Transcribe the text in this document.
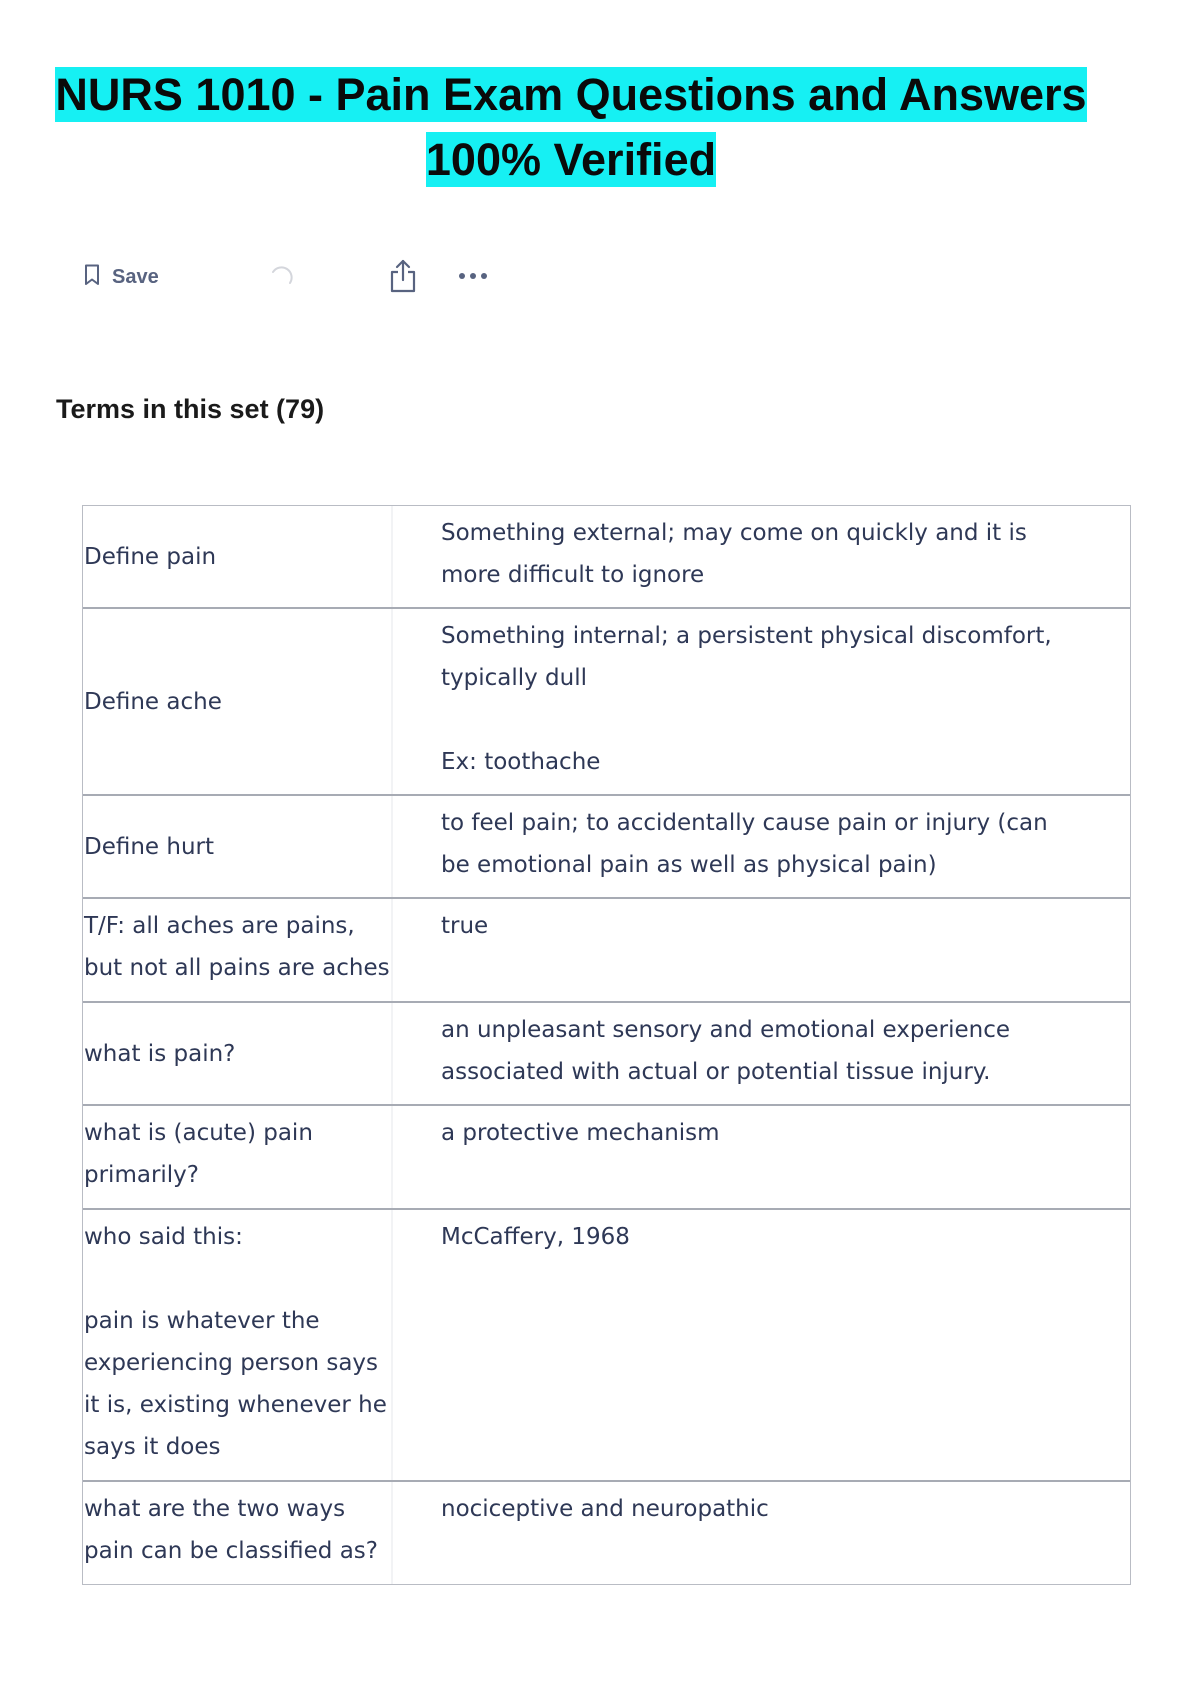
NURS 1010 - Pain Exam Questions and Answers
100% Verified
Save
Terms in this set (79)
Define pain
Something external; may come on quickly and it is
more difficult to ignore
Define ache
Something internal; a persistent physical discomfort,
typically dull

Ex: toothache
Define hurt
to feel pain; to accidentally cause pain or injury (can
be emotional pain as well as physical pain)
T/F: all aches are pains,
but not all pains are aches
true
what is pain?
an unpleasant sensory and emotional experience
associated with actual or potential tissue injury.
what is (acute) pain
primarily?
a protective mechanism
who said this:

pain is whatever the
experiencing person says
it is, existing whenever he
says it does
McCaffery, 1968
what are the two ways
pain can be classified as?
nociceptive and neuropathic
